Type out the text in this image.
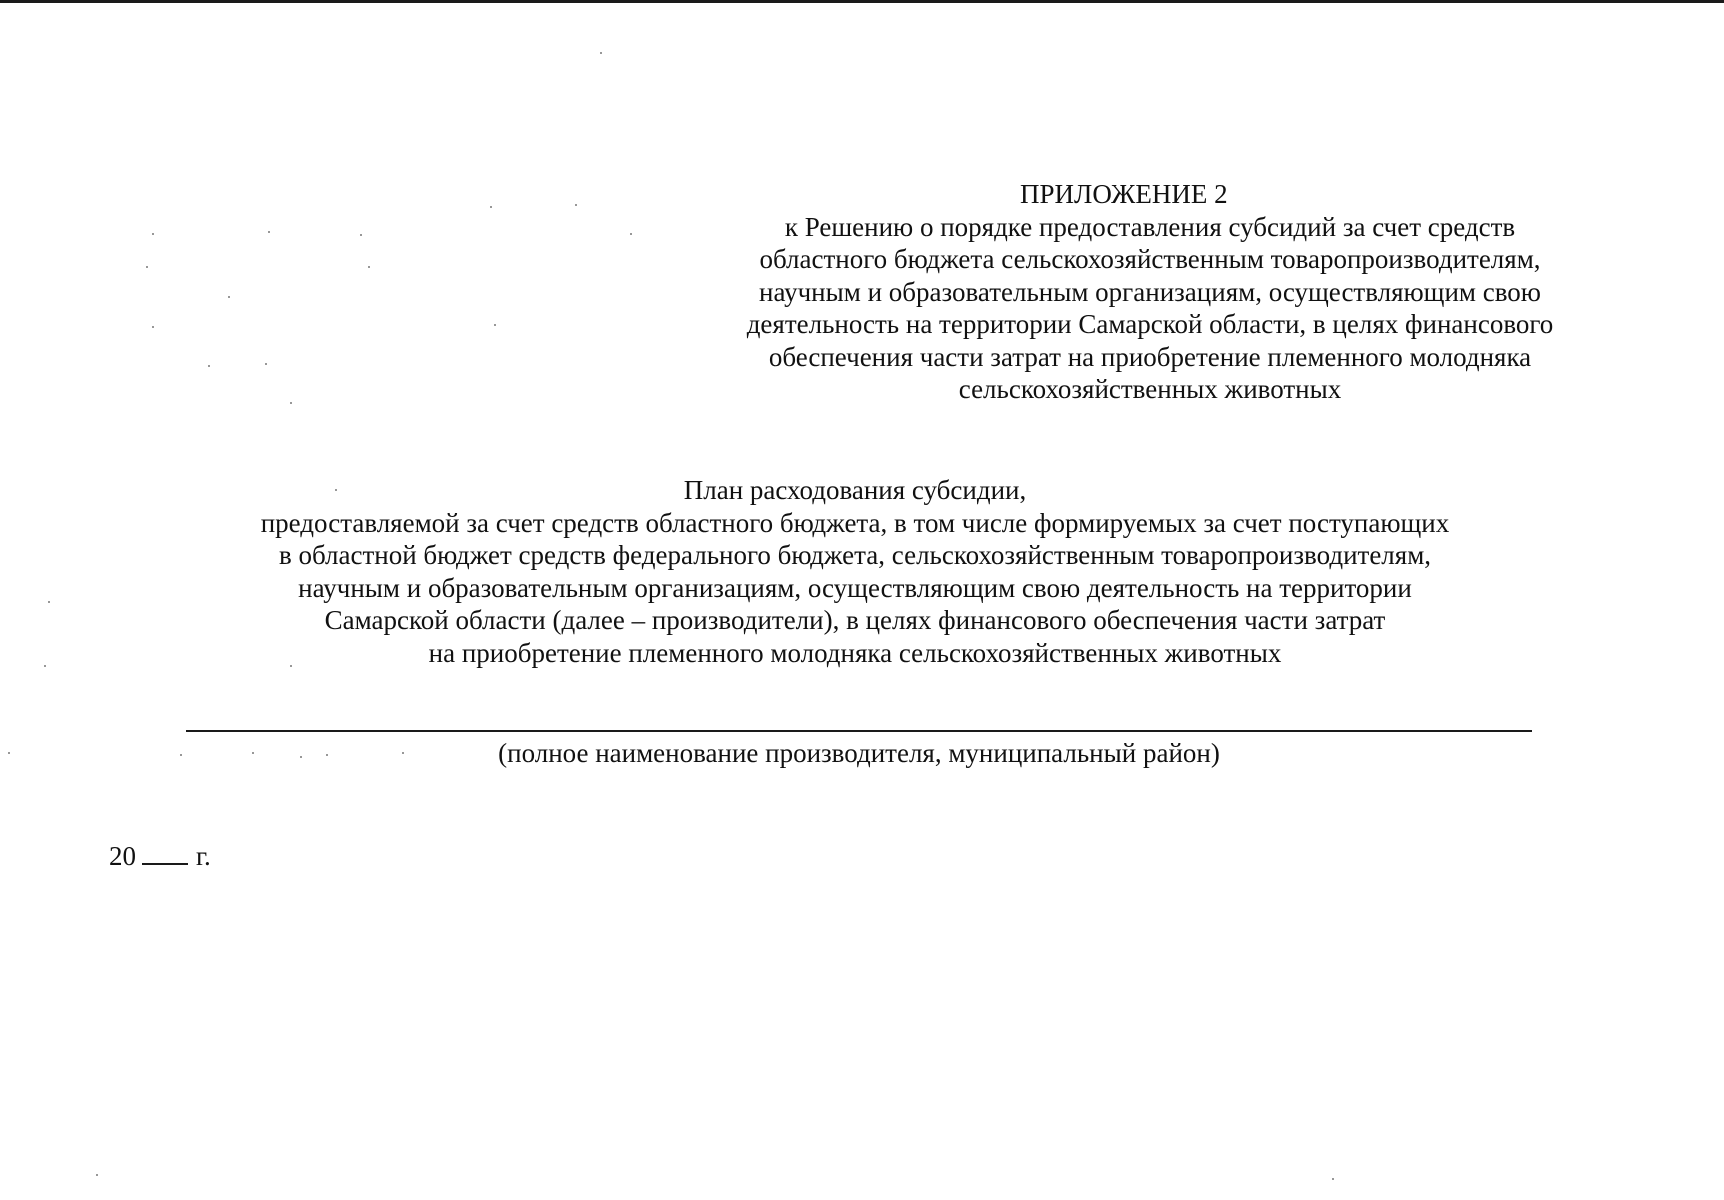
ПРИЛОЖЕНИЕ 2
к Решению о порядке предоставления субсидий за счет средств
областного бюджета сельскохозяйственным товаропроизводителям,
научным и образовательным организациям, осуществляющим свою
деятельность на территории Самарской области, в целях финансового
обеспечения части затрат на приобретение племенного молодняка
сельскохозяйственных животных
План расходования субсидии,
предоставляемой за счет средств областного бюджета, в том числе формируемых за счет поступающих
в областной бюджет средств федерального бюджета, сельскохозяйственным товаропроизводителям,
научным и образовательным организациям, осуществляющим свою деятельность на территории
Самарской области (далее – производители), в целях финансового обеспечения части затрат
на приобретение племенного молодняка сельскохозяйственных животных
(полное наименование производителя, муниципальный район)
20 г.
